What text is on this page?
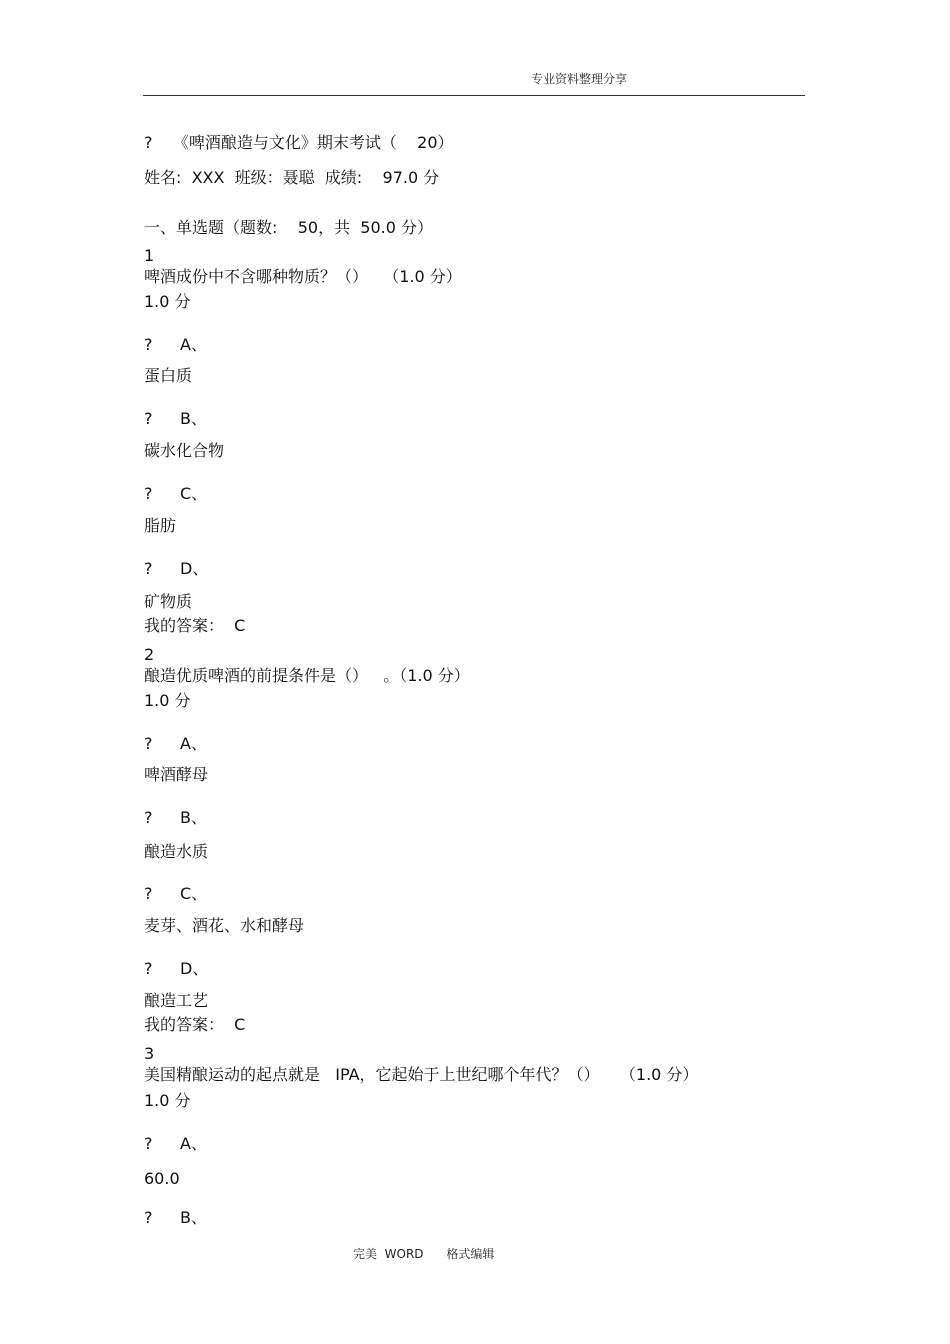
专业资料整理分享
?    《啤酒酿造与文化》期末考试（    20）
姓名:  XXX  班级：聂聪  成绩:    97.0 分
一、单选题（题数:    50，共  50.0 分）
1
啤酒成份中不含哪种物质？（）   （1.0 分）
1.0 分
? A、
蛋白质
? B、
碳水化合物
? C、
脂肪
? D、
矿物质
我的答案：  C
2
酿造优质啤酒的前提条件是（）   。（1.0 分）
1.0 分
? A、
啤酒酵母
? B、
酿造水质
? C、
麦芽、酒花、水和酵母
? D、
酿造工艺
我的答案：  C
3
美国精酿运动的起点就是   IPA，它起始于上世纪哪个年代？（）    （1.0 分）
1.0 分
? A、
60.0
? B、
完美  WORD      格式编辑
